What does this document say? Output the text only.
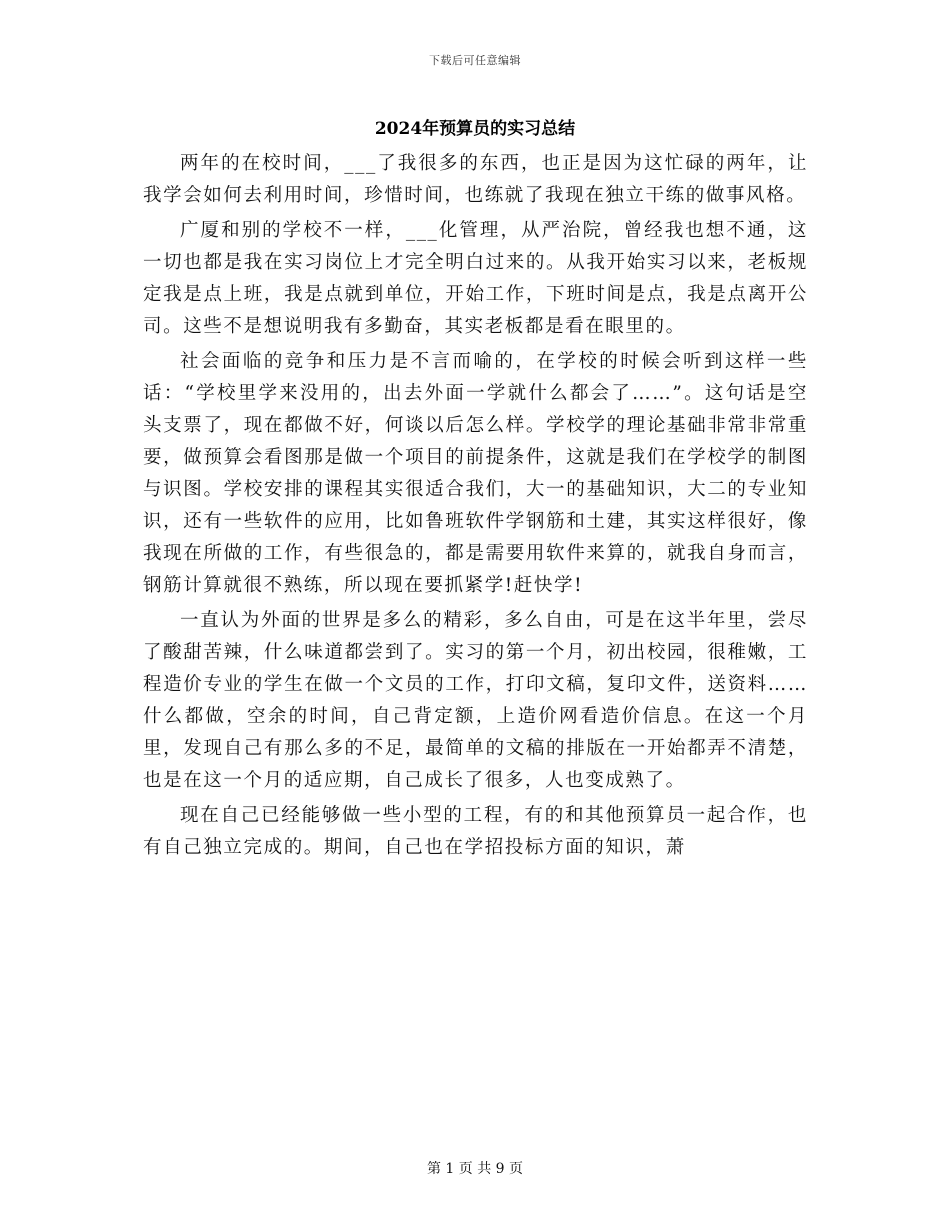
下载后可任意编辑
2024年预算员的实习总结

两年的在校时间，___了我很多的东西，也正是因为这忙碌的两年，让我学会如何去利用时间，珍惜时间，也练就了我现在独立干练的做事风格。

广厦和别的学校不一样，___化管理，从严治院，曾经我也想不通，这一切也都是我在实习岗位上才完全明白过来的。从我开始实习以来，老板规定我是点上班，我是点就到单位，开始工作，下班时间是点，我是点离开公司。这些不是想说明我有多勤奋，其实老板都是看在眼里的。

社会面临的竞争和压力是不言而喻的，在学校的时候会听到这样一些话：“学校里学来没用的，出去外面一学就什么都会了……”。这句话是空头支票了，现在都做不好，何谈以后怎么样。学校学的理论基础非常非常重要，做预算会看图那是做一个项目的前提条件，这就是我们在学校学的制图与识图。学校安排的课程其实很适合我们，大一的基础知识，大二的专业知识，还有一些软件的应用，比如鲁班软件学钢筋和土建，其实这样很好，像我现在所做的工作，有些很急的，都是需要用软件来算的，就我自身而言，钢筋计算就很不熟练，所以现在要抓紧学!赶快学!

一直认为外面的世界是多么的精彩，多么自由，可是在这半年里，尝尽了酸甜苦辣，什么味道都尝到了。实习的第一个月，初出校园，很稚嫩，工程造价专业的学生在做一个文员的工作，打印文稿，复印文件，送资料……什么都做，空余的时间，自己背定额，上造价网看造价信息。在这一个月里，发现自己有那么多的不足，最简单的文稿的排版在一开始都弄不清楚，也是在这一个月的适应期，自己成长了很多，人也变成熟了。

现在自己已经能够做一些小型的工程，有的和其他预算员一起合作，也有自己独立完成的。期间，自己也在学招投标方面的知识，萧

第 1 页 共 9 页
